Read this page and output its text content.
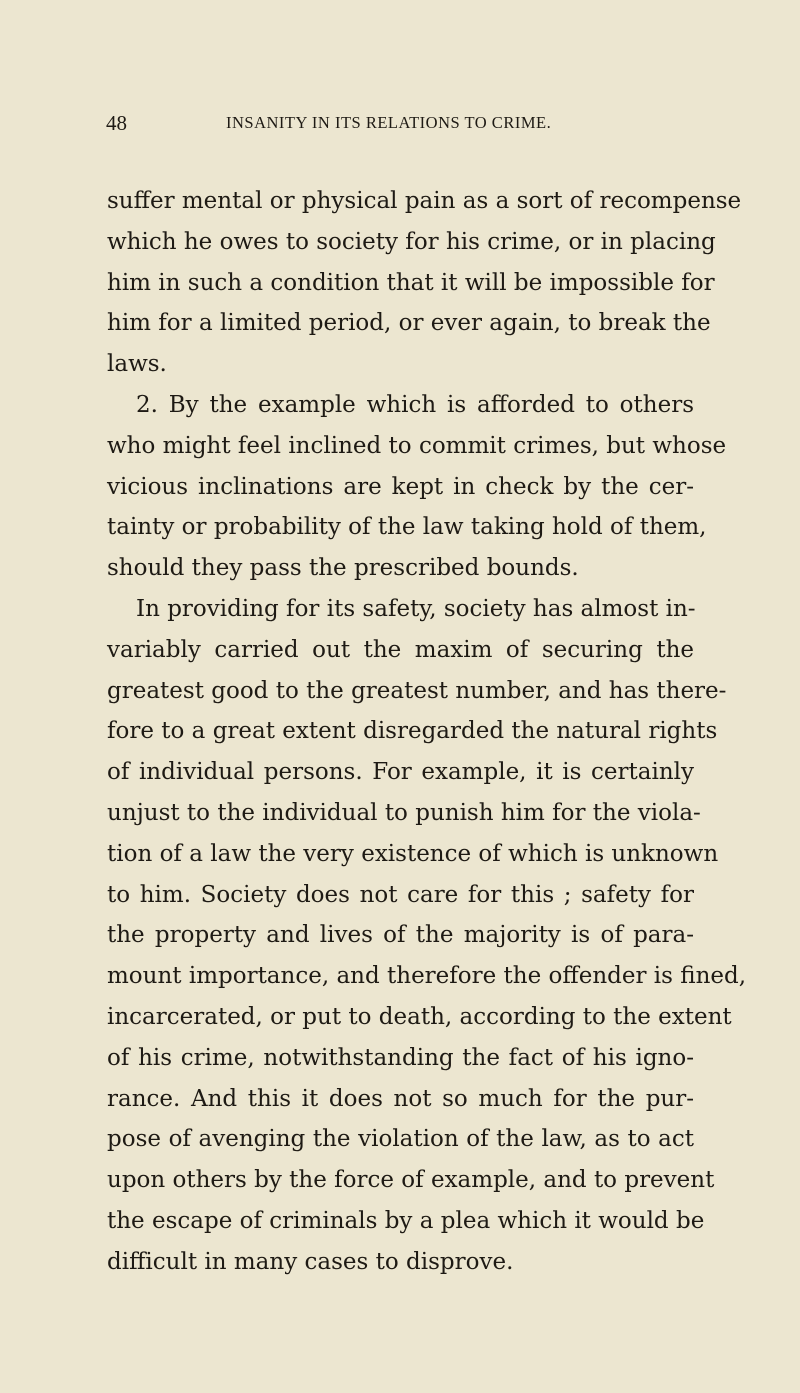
48	INSANITY IN ITS RELATIONS TO CRIME.
suffer mental or physical pain as a sort of recompense
which he owes to society for his crime, or in placing
him in such a condition that it will be impossible for
him for a limited period, or ever again, to break the
laws.
2. By the example which is afforded to others
who might feel inclined to commit crimes, but whose
vicious inclinations are kept in check by the cer-
tainty or probability of the law taking hold of them,
should they pass the prescribed bounds.
In providing for its safety, society has almost in-
variably carried out the maxim of securing the
greatest good to the greatest number, and has there-
fore to a great extent disregarded the natural rights
of individual persons. For example, it is certainly
unjust to the individual to punish him for the viola-
tion of a law the very existence of which is unknown
to him. Society does not care for this ; safety for
the property and lives of the majority is of para-
mount importance, and therefore the offender is fined,
incarcerated, or put to death, according to the extent
of his crime, notwithstanding the fact of his igno-
rance. And this it does not so much for the pur-
pose of avenging the violation of the law, as to act
upon others by the force of example, and to prevent
the escape of criminals by a plea which it would be
difficult in many cases to disprove.
